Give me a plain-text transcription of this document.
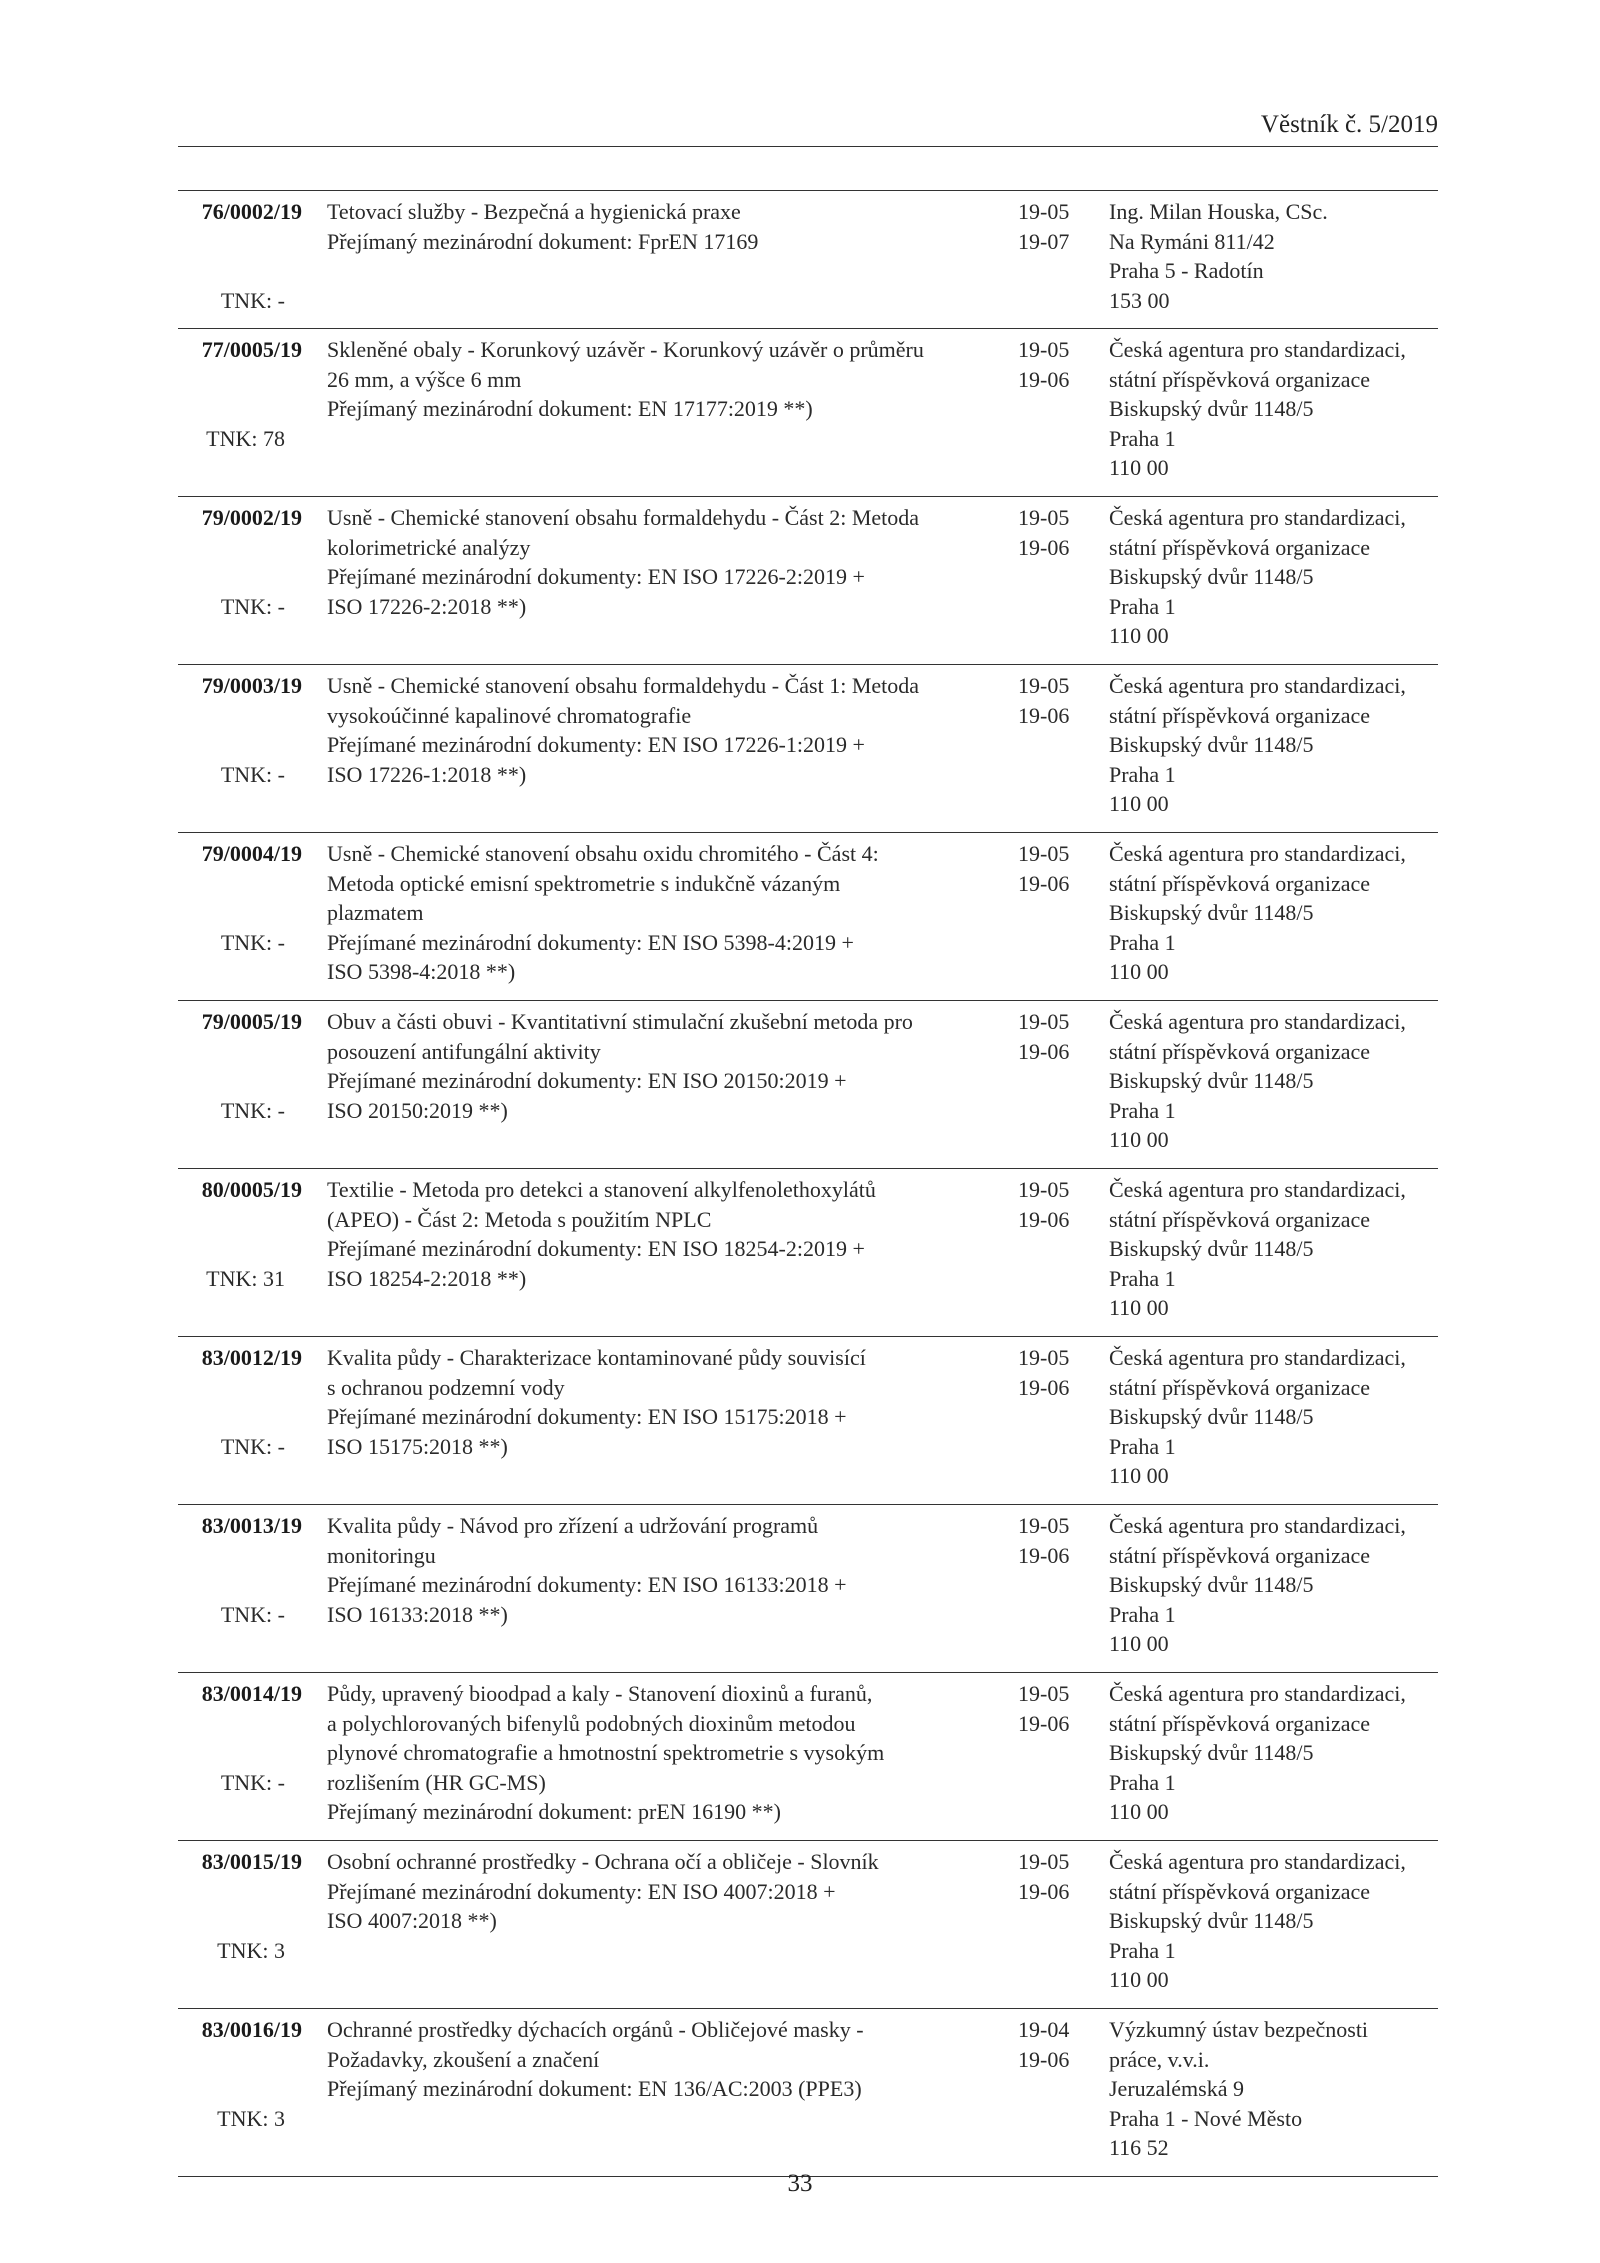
Věstník č. 5/2019
76/0002/19
TNK: -
Tetovací služby - Bezpečná a hygienická praxe
Přejímaný mezinárodní dokument: FprEN 17169
19-05
19-07
Ing. Milan Houska, CSc.
Na Rymáni 811/42
Praha 5 - Radotín
153 00
77/0005/19
TNK: 78
Skleněné obaly - Korunkový uzávěr - Korunkový uzávěr o průměru
26 mm, a výšce 6 mm
Přejímaný mezinárodní dokument: EN 17177:2019 **)
19-05
19-06
Česká agentura pro standardizaci,
státní příspěvková organizace
Biskupský dvůr 1148/5
Praha 1
110 00
79/0002/19
TNK: -
Usně - Chemické stanovení obsahu formaldehydu - Část 2: Metoda
kolorimetrické analýzy
Přejímané mezinárodní dokumenty: EN ISO 17226-2:2019 +
ISO 17226-2:2018 **)
19-05
19-06
Česká agentura pro standardizaci,
státní příspěvková organizace
Biskupský dvůr 1148/5
Praha 1
110 00
79/0003/19
TNK: -
Usně - Chemické stanovení obsahu formaldehydu - Část 1: Metoda
vysokoúčinné kapalinové chromatografie
Přejímané mezinárodní dokumenty: EN ISO 17226-1:2019 +
ISO 17226-1:2018 **)
19-05
19-06
Česká agentura pro standardizaci,
státní příspěvková organizace
Biskupský dvůr 1148/5
Praha 1
110 00
79/0004/19
TNK: -
Usně - Chemické stanovení obsahu oxidu chromitého - Část 4:
Metoda optické emisní spektrometrie s indukčně vázaným
plazmatem
Přejímané mezinárodní dokumenty: EN ISO 5398-4:2019 +
ISO 5398-4:2018 **)
19-05
19-06
Česká agentura pro standardizaci,
státní příspěvková organizace
Biskupský dvůr 1148/5
Praha 1
110 00
79/0005/19
TNK: -
Obuv a části obuvi - Kvantitativní stimulační zkušební metoda pro
posouzení antifungální aktivity
Přejímané mezinárodní dokumenty: EN ISO 20150:2019 +
ISO 20150:2019 **)
19-05
19-06
Česká agentura pro standardizaci,
státní příspěvková organizace
Biskupský dvůr 1148/5
Praha 1
110 00
80/0005/19
TNK: 31
Textilie - Metoda pro detekci a stanovení alkylfenolethoxylátů
(APEO) - Část 2: Metoda s použitím NPLC
Přejímané mezinárodní dokumenty: EN ISO 18254-2:2019 +
ISO 18254-2:2018 **)
19-05
19-06
Česká agentura pro standardizaci,
státní příspěvková organizace
Biskupský dvůr 1148/5
Praha 1
110 00
83/0012/19
TNK: -
Kvalita půdy - Charakterizace kontaminované půdy souvisící
s ochranou podzemní vody
Přejímané mezinárodní dokumenty: EN ISO 15175:2018 +
ISO 15175:2018 **)
19-05
19-06
Česká agentura pro standardizaci,
státní příspěvková organizace
Biskupský dvůr 1148/5
Praha 1
110 00
83/0013/19
TNK: -
Kvalita půdy - Návod pro zřízení a udržování programů
monitoringu
Přejímané mezinárodní dokumenty: EN ISO 16133:2018 +
ISO 16133:2018 **)
19-05
19-06
Česká agentura pro standardizaci,
státní příspěvková organizace
Biskupský dvůr 1148/5
Praha 1
110 00
83/0014/19
TNK: -
Půdy, upravený bioodpad a kaly - Stanovení dioxinů a furanů,
a polychlorovaných bifenylů podobných dioxinům metodou
plynové chromatografie a hmotnostní spektrometrie s vysokým
rozlišením (HR GC-MS)
Přejímaný mezinárodní dokument: prEN 16190 **)
19-05
19-06
Česká agentura pro standardizaci,
státní příspěvková organizace
Biskupský dvůr 1148/5
Praha 1
110 00
83/0015/19
TNK: 3
Osobní ochranné prostředky - Ochrana očí a obličeje - Slovník
Přejímané mezinárodní dokumenty: EN ISO 4007:2018 +
ISO 4007:2018 **)
19-05
19-06
Česká agentura pro standardizaci,
státní příspěvková organizace
Biskupský dvůr 1148/5
Praha 1
110 00
83/0016/19
TNK: 3
Ochranné prostředky dýchacích orgánů - Obličejové masky -
Požadavky, zkoušení a značení
Přejímaný mezinárodní dokument: EN 136/AC:2003 (PPE3)
19-04
19-06
Výzkumný ústav bezpečnosti
práce, v.v.i.
Jeruzalémská 9
Praha 1 - Nové Město
116 52
33
